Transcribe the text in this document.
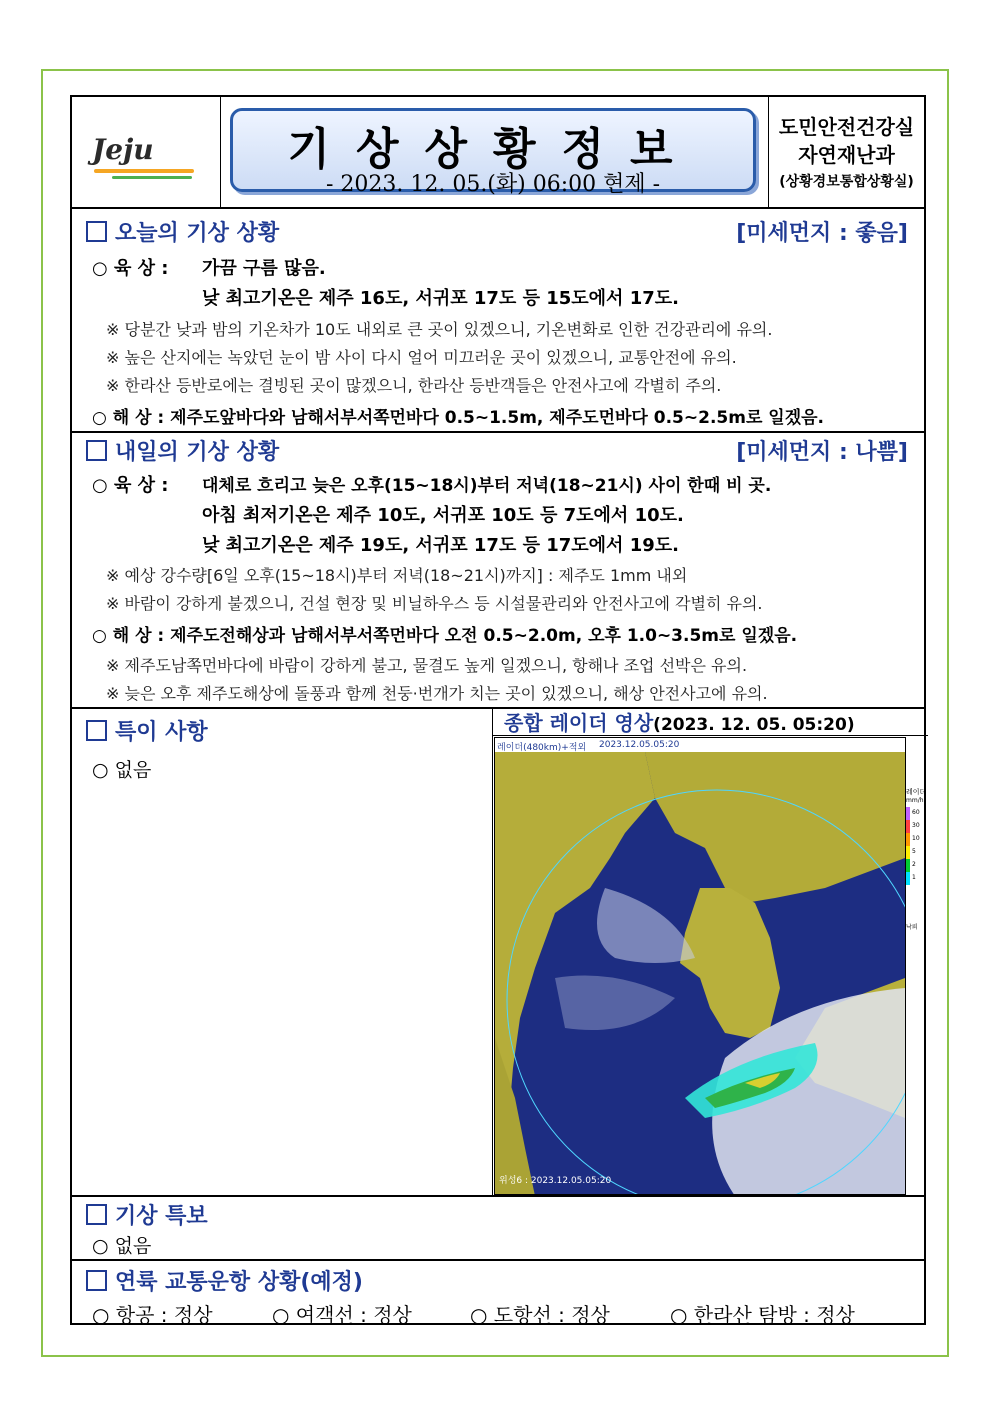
Jeju	기상상황정보
- 2023. 12. 05.(화) 06:00 현제 -
도민안전건강실
자연재난과
(상황경보통합상황실)
오늘의 기상 상황	[미세먼지 : 좋음]
○ 육 상 : 가끔 구름 많음.
낮 최고기온은 제주 16도, 서귀포 17도 등 15도에서 17도.
※ 당분간 낮과 밤의 기온차가 10도 내외로 큰 곳이 있겠으니, 기온변화로 인한 건강관리에 유의.
※ 높은 산지에는 녹았던 눈이 밤 사이 다시 얼어 미끄러운 곳이 있겠으니, 교통안전에 유의.
※ 한라산 등반로에는 결빙된 곳이 많겠으니, 한라산 등반객들은 안전사고에 각별히 주의.
○ 해 상 : 제주도앞바다와 남해서부서쪽먼바다 0.5~1.5m, 제주도먼바다 0.5~2.5m로 일겠음.
내일의 기상 상황	[미세먼지 : 나쁨]
○ 육 상 : 대체로 흐리고 늦은 오후(15~18시)부터 저녁(18~21시) 사이 한때 비 곳.
아침 최저기온은 제주 10도, 서귀포 10도 등 7도에서 10도.
낮 최고기온은 제주 19도, 서귀포 17도 등 17도에서 19도.
※ 예상 강수량[6일 오후(15~18시)부터 저녁(18~21시)까지] : 제주도 1mm 내외
※ 바람이 강하게 불겠으니, 건설 현장 및 비닐하우스 등 시설물관리와 안전사고에 각별히 유의.
○ 해 상 : 제주도전해상과 남해서부서쪽먼바다 오전 0.5~2.0m, 오후 1.0~3.5m로 일겠음.
※ 제주도남쪽먼바다에 바람이 강하게 불고, 물결도 높게 일겠으니, 항해나 조업 선박은 유의.
※ 늦은 오후 제주도해상에 돌풍과 함께 천둥·번개가 치는 곳이 있겠으니, 해상 안전사고에 유의.
특이 사항
○ 없음
종합 레이더 영상(2023. 12. 05. 05:20)
레이더(480km)+적외 2023.12.05.05:20
위성6 : 2023.12.05.05:20
레이더
mm/h
60
30
10
5
2
1
낙뢰
기상 특보
○ 없음
연륙 교통운항 상황(예정)
○ 항공 : 정상	○ 여객선 : 정상	○ 도항선 : 정상	○ 한라산 탐방 : 정상
